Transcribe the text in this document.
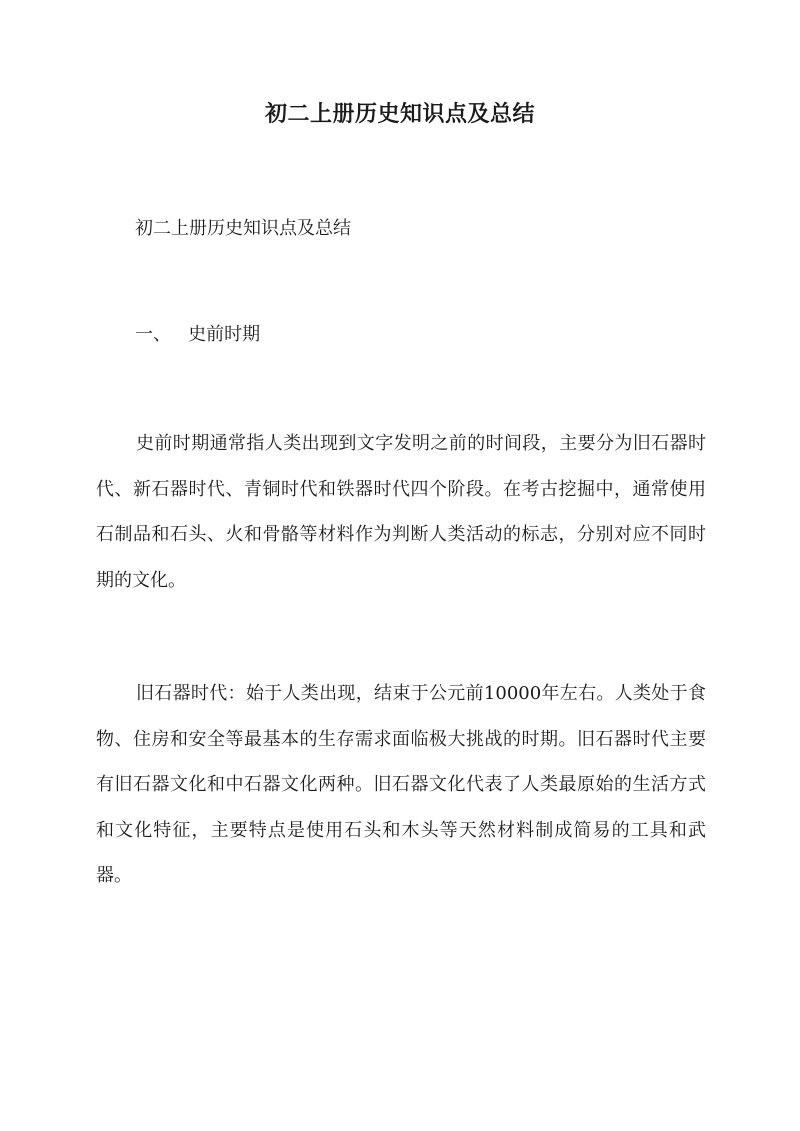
初二上册历史知识点及总结
初二上册历史知识点及总结
一、 史前时期

史前时期通常指人类出现到文字发明之前的时间段，主要分为旧石器时代、新石器时代、青铜时代和铁器时代四个阶段。在考古挖掘中，通常使用石制品和石头、火和骨骼等材料作为判断人类活动的标志，分别对应不同时期的文化。

旧石器时代：始于人类出现，结束于公元前10000年左右。人类处于食物、住房和安全等最基本的生存需求面临极大挑战的时期。旧石器时代主要有旧石器文化和中石器文化两种。旧石器文化代表了人类最原始的生活方式和文化特征，主要特点是使用石头和木头等天然材料制成简易的工具和武器。
